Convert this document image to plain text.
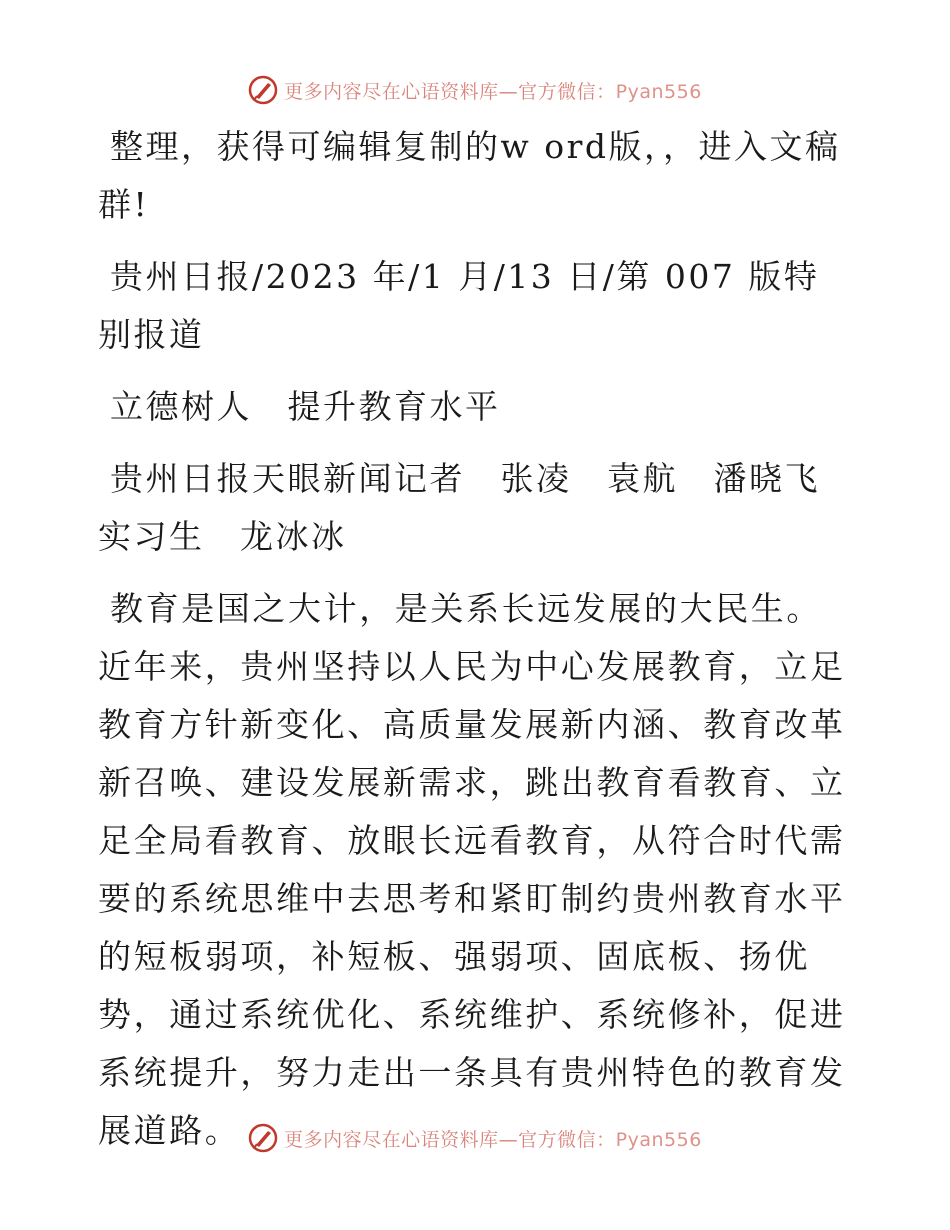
更多内容尽在心语资料库—官方微信：Pyan556

整理，获得可编辑复制的w ord版，，进入文稿群!

贵州日报/2023 年/1 月/13 日/第 007 版特别报道

立德树人　提升教育水平

贵州日报天眼新闻记者　张凌　袁航　潘晓飞　实习生　龙冰冰

教育是国之大计，是关系长远发展的大民生。近年来，贵州坚持以人民为中心发展教育，立足教育方针新变化、高质量发展新内涵、教育改革新召唤、建设发展新需求，跳出教育看教育、立足全局看教育、放眼长远看教育，从符合时代需要的系统思维中去思考和紧盯制约贵州教育水平的短板弱项，补短板、强弱项、固底板、扬优势，通过系统优化、系统维护、系统修补，促进系统提升，努力走出一条具有贵州特色的教育发展道路。	更多内容尽在心语资料库—官方微信：Pyan556
